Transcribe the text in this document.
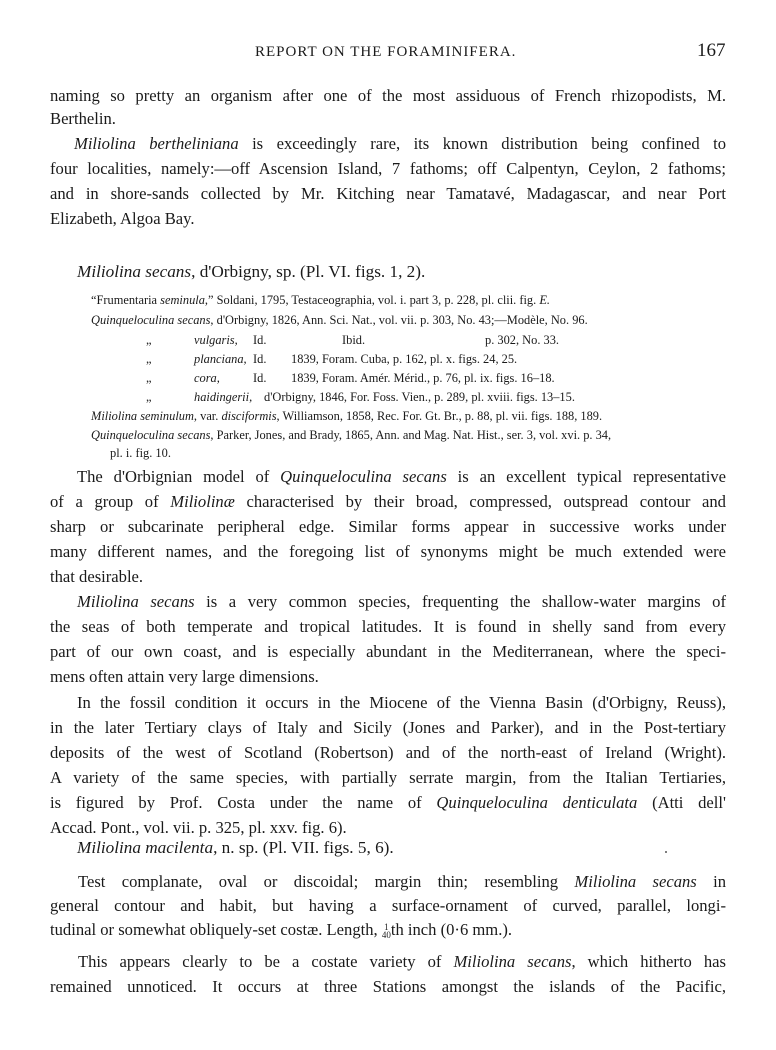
REPORT ON THE FORAMINIFERA.	167
naming so pretty an organism after one of the most assiduous of French rhizopodists, M.
Berthelin.
Miliolina bertheliniana is exceedingly rare, its known distribution being confined to
four localities, namely:—off Ascension Island, 7 fathoms; off Calpentyn, Ceylon, 2 fathoms;
and in shore-sands collected by Mr. Kitching near Tamatavé, Madagascar, and near Port
Elizabeth, Algoa Bay.
Miliolina secans, d'Orbigny, sp. (Pl. VI. figs. 1, 2).
“Frumentaria seminula,” Soldani, 1795, Testaceographia, vol. i. part 3, p. 228, pl. clii. fig. E.
Quinqueloculina secans, d'Orbigny, 1826, Ann. Sci. Nat., vol. vii. p. 303, No. 43;—Modèle, No. 96.
„	vulgaris, Id.	Ibid.	p. 302, No. 33.
„	planciana, Id. 1839, Foram. Cuba, p. 162, pl. x. figs. 24, 25.
„	cora,	Id. 1839, Foram. Amér. Mérid., p. 76, pl. ix. figs. 16–18.
„	haidingerii, d'Orbigny, 1846, For. Foss. Vien., p. 289, pl. xviii. figs. 13–15.
Miliolina seminulum, var. disciformis, Williamson, 1858, Rec. For. Gt. Br., p. 88, pl. vii. figs. 188, 189.
Quinqueloculina secans, Parker, Jones, and Brady, 1865, Ann. and Mag. Nat. Hist., ser. 3, vol. xvi. p. 34,
pl. i. fig. 10.
The d'Orbignian model of Quinqueloculina secans is an excellent typical representative
of a group of Miliolinæ characterised by their broad, compressed, outspread contour and
sharp or subcarinate peripheral edge. Similar forms appear in successive works under
many different names, and the foregoing list of synonyms might be much extended were
that desirable.
Miliolina secans is a very common species, frequenting the shallow-water margins of
the seas of both temperate and tropical latitudes. It is found in shelly sand from every
part of our own coast, and is especially abundant in the Mediterranean, where the speci-
mens often attain very large dimensions.
In the fossil condition it occurs in the Miocene of the Vienna Basin (d'Orbigny, Reuss),
in the later Tertiary clays of Italy and Sicily (Jones and Parker), and in the Post-tertiary
deposits of the west of Scotland (Robertson) and of the north-east of Ireland (Wright).
A variety of the same species, with partially serrate margin, from the Italian Tertiaries,
is figured by Prof. Costa under the name of Quinqueloculina denticulata (Atti dell'
Accad. Pont., vol. vii. p. 325, pl. xxv. fig. 6).
Miliolina macilenta, n. sp. (Pl. VII. figs. 5, 6).
Test complanate, oval or discoidal; margin thin; resembling Miliolina secans in
general contour and habit, but having a surface-ornament of curved, parallel, longi-
tudinal or somewhat obliquely-set costæ. Length, 1
40th inch (0·6 mm.).
This appears clearly to be a costate variety of Miliolina secans, which hitherto has
remained unnoticed. It occurs at three Stations amongst the islands of the Pacific,
